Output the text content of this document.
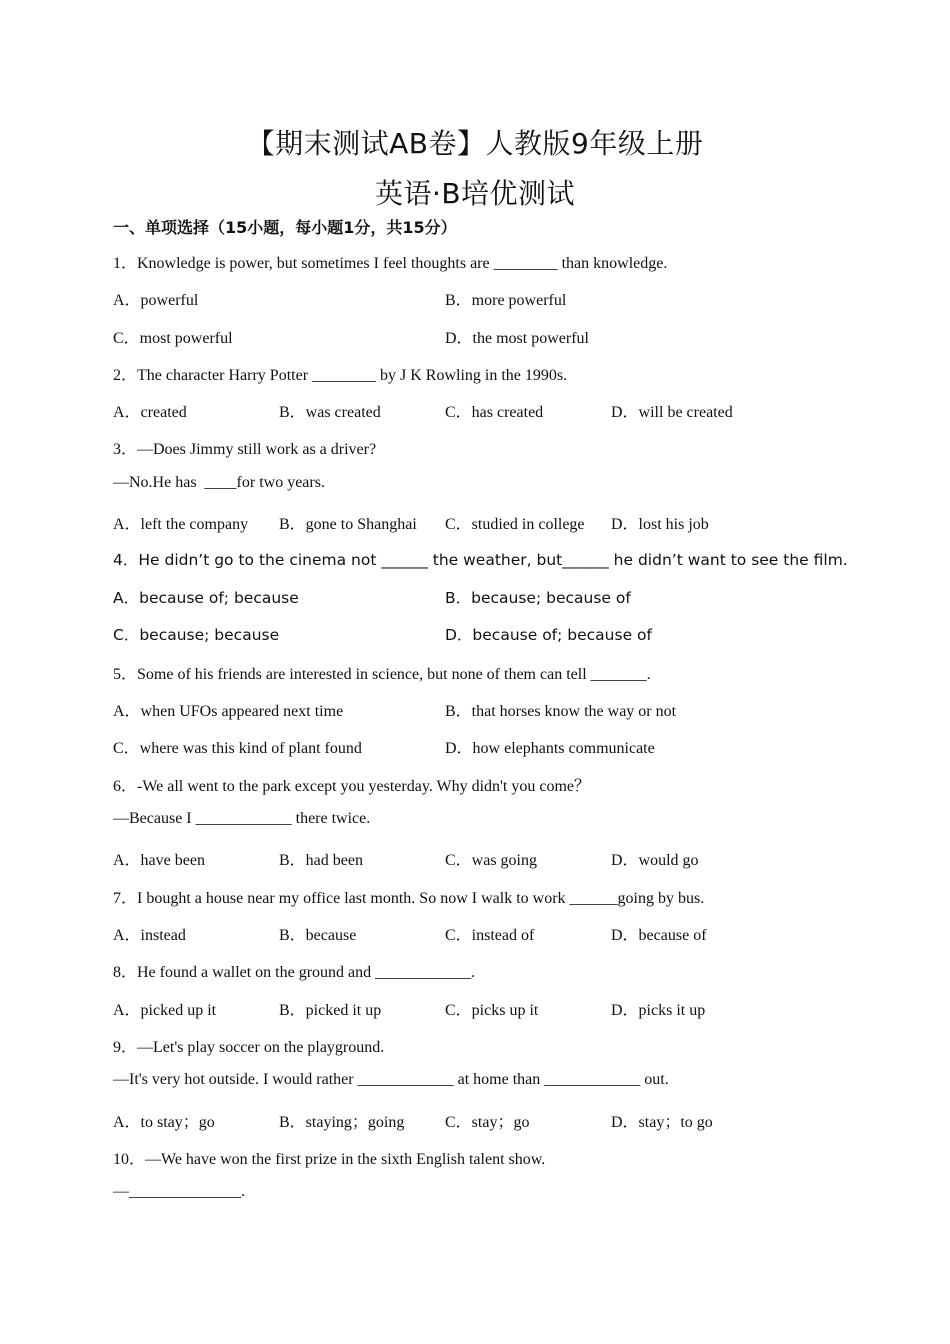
【期末测试AB卷】人教版9年级上册
英语·B培优测试
一、单项选择（15小题，每小题1分，共15分）
1．Knowledge is power, but sometimes I feel thoughts are ________ than knowledge.
A．powerful	B．more powerful
C．most powerful	D．the most powerful
2．The character Harry Potter ________ by J K Rowling in the 1990s.
A．created	B．was created	C．has created	D．will be created
3．—Does Jimmy still work as a driver?
—No.He has  ____for two years.
A．left the company B．gone to Shanghai C．studied in college D．lost his job
4．He didn’t go to the cinema not ______ the weather, but______ he didn’t want to see the film.
A．because of; because	B．because; because of
C．because; because	D．because of; because of
5．Some of his friends are interested in science, but none of them can tell _______.
A．when UFOs appeared next time	B．that horses know the way or not
C．where was this kind of plant found	D．how elephants communicate
6．-We all went to the park except you yesterday. Why didn't you come？
—Because I ____________ there twice.
A．have been	B．had been	C．was going	D．would go
7．I bought a house near my office last month. So now I walk to work ______going by bus.
A．instead	B．because	C．instead of	D．because of
8．He found a wallet on the ground and ____________.
A．picked up it	B．picked it up	C．picks up it	D．picks it up
9．—Let's play soccer on the playground.
—It's very hot outside. I would rather ____________ at home than ____________ out.
A．to stay；go	B．staying；going	C．stay；go	D．stay；to go
10．—We have won the first prize in the sixth English talent show.
—______________.
